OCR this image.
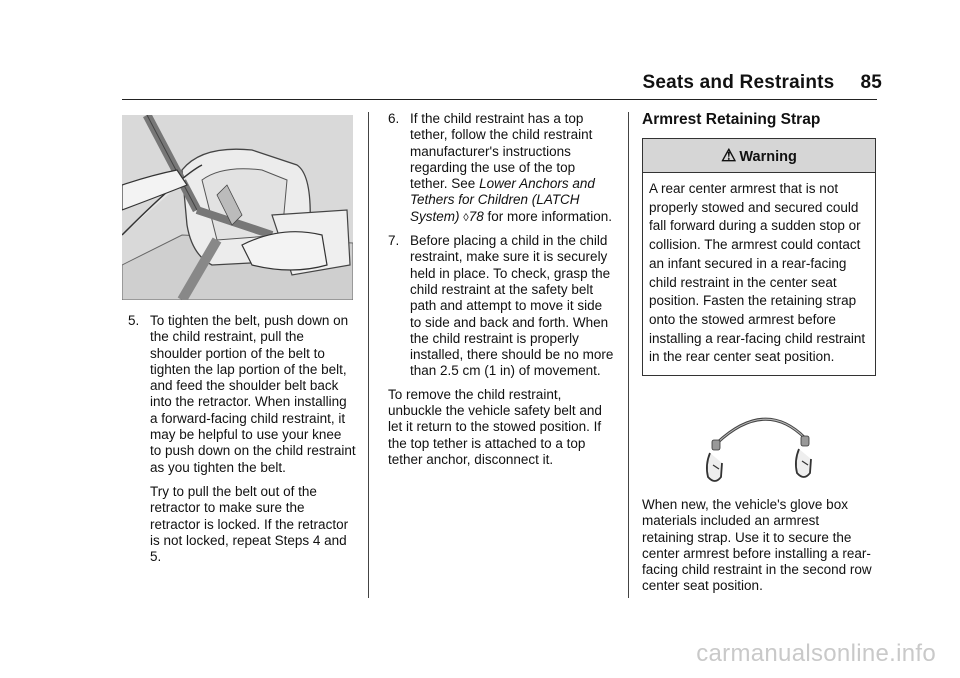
Seats and Restraints 85
5. To tighten the belt, push down on the child restraint, pull the shoulder portion of the belt to tighten the lap portion of the belt, and feed the shoulder belt back into the retractor. When installing a forward-facing child restraint, it may be helpful to use your knee to push down on the child restraint as you tighten the belt.

Try to pull the belt out of the retractor to make sure the retractor is locked. If the retractor is not locked, repeat Steps 4 and 5.

6. If the child restraint has a top tether, follow the child restraint manufacturer's instructions regarding the use of the top tether. See Lower Anchors and Tethers for Children (LATCH System) ◊78 for more information.

7. Before placing a child in the child restraint, make sure it is securely held in place. To check, grasp the child restraint at the safety belt path and attempt to move it side to side and back and forth. When the child restraint is properly installed, there should be no more than 2.5 cm (1 in) of movement.

To remove the child restraint, unbuckle the vehicle safety belt and let it return to the stowed position. If the top tether is attached to a top tether anchor, disconnect it.

Armrest Retaining Strap
⚠ Warning
A rear center armrest that is not properly stowed and secured could fall forward during a sudden stop or collision. The armrest could contact an infant secured in a rear-facing child restraint in the center seat position. Fasten the retaining strap onto the stowed armrest before installing a rear-facing child restraint in the rear center seat position.

When new, the vehicle's glove box materials included an armrest retaining strap. Use it to secure the center armrest before installing a rear-facing child restraint in the second row center seat position.

carmanualsonline.info
